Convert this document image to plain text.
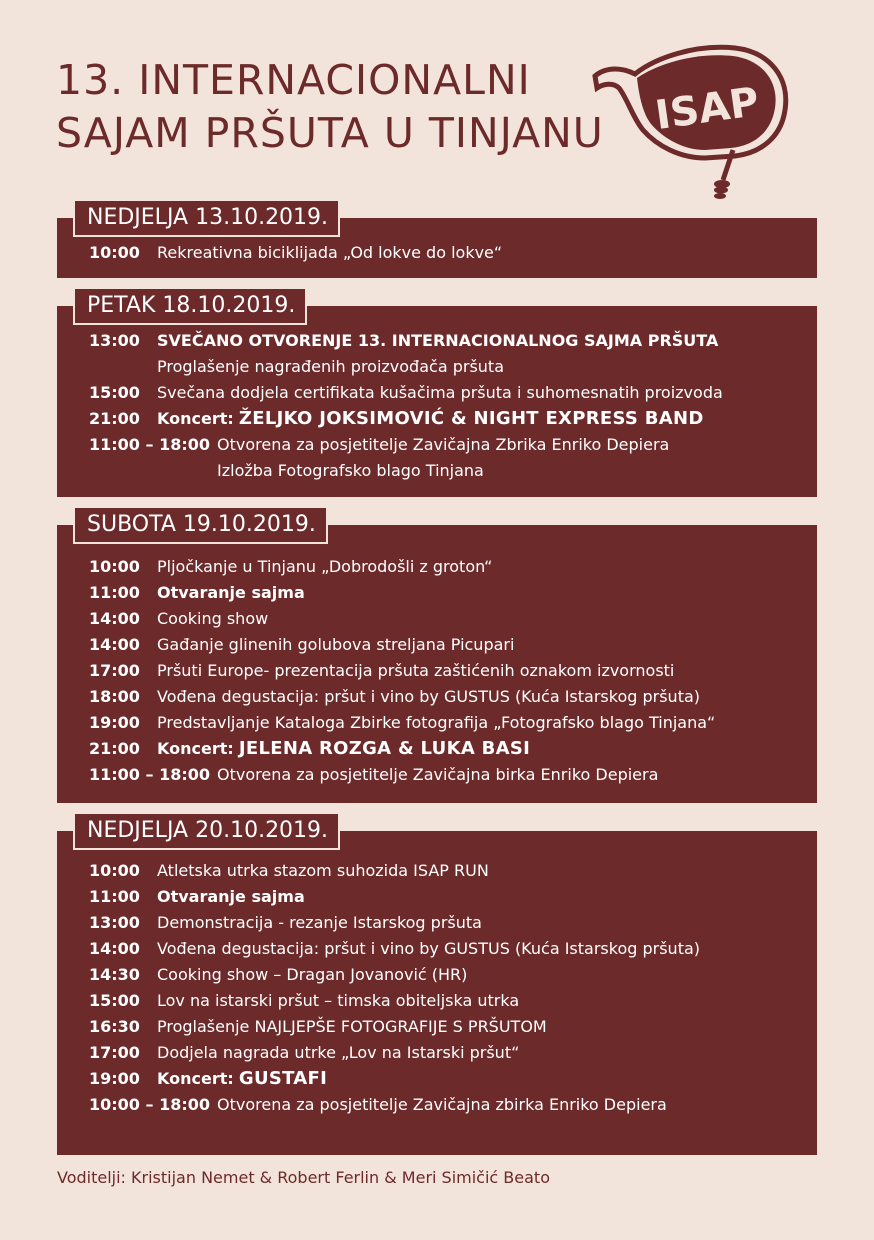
13. INTERNACIONALNI
SAJAM PRŠUTA U TINJANU ISAP
NEDJELJA 13.10.2019.
10:00 Rekreativna biciklijada „Od lokve do lokve“
PETAK 18.10.2019.
13:00 SVEČANO OTVORENJE 13. INTERNACIONALNOG SAJMA PRŠUTA
Proglašenje nagrađenih proizvođača pršuta
15:00 Svečana dodjela certifikata kušačima pršuta i suhomesnatih proizvoda
21:00 Koncert: ŽELJKO JOKSIMOVIĆ & NIGHT EXPRESS BAND
11:00 – 18:00 Otvorena za posjetitelje Zavičajna Zbrika Enriko Depiera
Izložba Fotografsko blago Tinjana
SUBOTA 19.10.2019.
10:00 Pljočkanje u Tinjanu „Dobrodošli z groton“
11:00 Otvaranje sajma
14:00 Cooking show
14:00 Gađanje glinenih golubova streljana Picupari
17:00 Pršuti Europe- prezentacija pršuta zaštićenih oznakom izvornosti
18:00 Vođena degustacija: pršut i vino by GUSTUS (Kuća Istarskog pršuta)
19:00 Predstavljanje Kataloga Zbirke fotografija „Fotografsko blago Tinjana“
21:00 Koncert: JELENA ROZGA & LUKA BASI
11:00 – 18:00 Otvorena za posjetitelje Zavičajna birka Enriko Depiera
NEDJELJA 20.10.2019.
10:00 Atletska utrka stazom suhozida ISAP RUN
11:00 Otvaranje sajma
13:00 Demonstracija - rezanje Istarskog pršuta
14:00 Vođena degustacija: pršut i vino by GUSTUS (Kuća Istarskog pršuta)
14:30 Cooking show – Dragan Jovanović (HR)
15:00 Lov na istarski pršut – timska obiteljska utrka
16:30 Proglašenje NAJLJEPŠE FOTOGRAFIJE S PRŠUTOM
17:00 Dodjela nagrada utrke „Lov na Istarski pršut“
19:00 Koncert: GUSTAFI
10:00 – 18:00 Otvorena za posjetitelje Zavičajna zbirka Enriko Depiera
Voditelji: Kristijan Nemet & Robert Ferlin & Meri Simičić Beato
